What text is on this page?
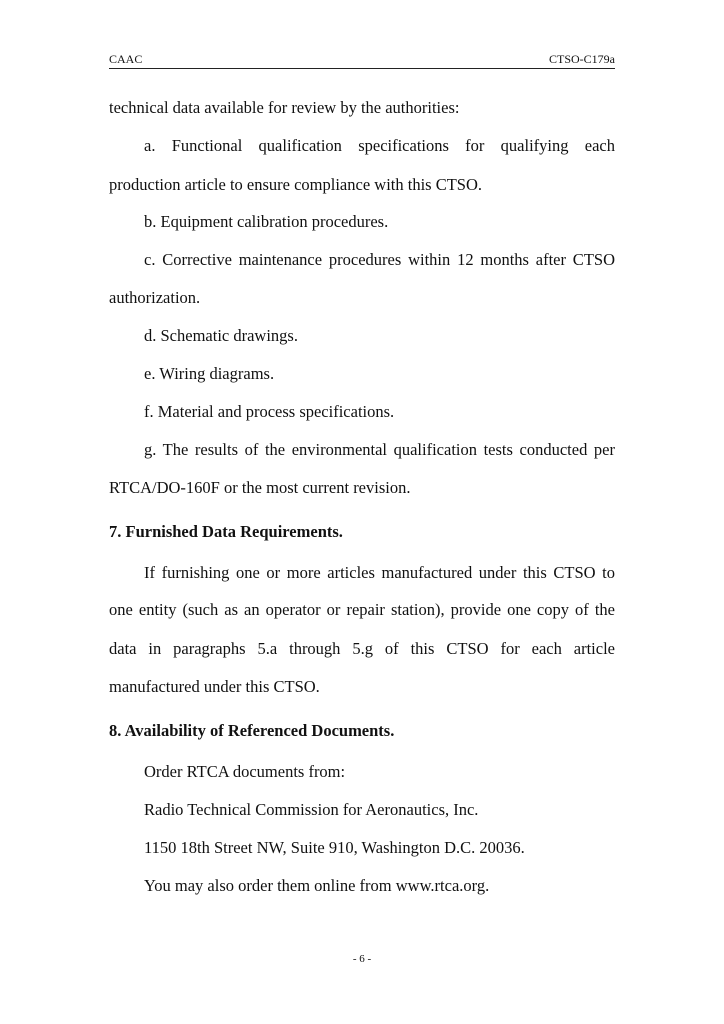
CAAC	CTSO-C179a
technical data available for review by the authorities:
a. Functional qualification specifications for qualifying each
production article to ensure compliance with this CTSO.
b. Equipment calibration procedures.
c. Corrective maintenance procedures within 12 months after CTSO
authorization.
d. Schematic drawings.
e. Wiring diagrams.
f. Material and process specifications.
g. The results of the environmental qualification tests conducted per
RTCA/DO-160F or the most current revision.
7. Furnished Data Requirements.
If furnishing one or more articles manufactured under this CTSO to
one entity (such as an operator or repair station), provide one copy of the
data in paragraphs 5.a through 5.g of this CTSO for each article
manufactured under this CTSO.
8. Availability of Referenced Documents.
Order RTCA documents from:
Radio Technical Commission for Aeronautics, Inc.
1150 18th Street NW, Suite 910, Washington D.C. 20036.
You may also order them online from www.rtca.org.
- 6 -
